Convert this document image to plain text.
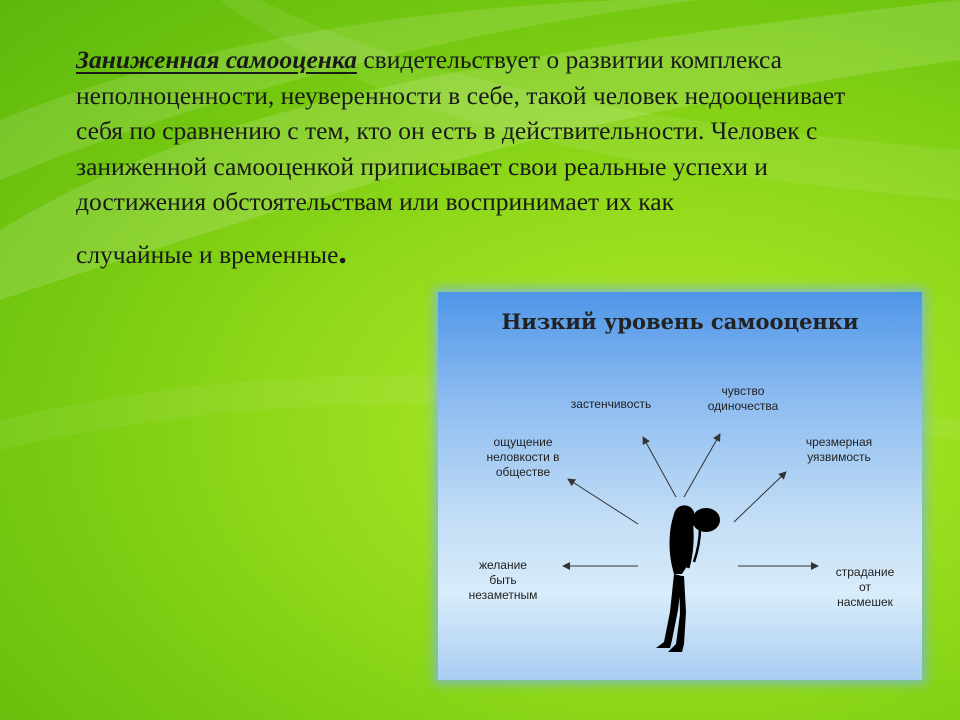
Заниженная самооценка свидетельствует о развитии комплекса неполноценности, неуверенности в себе, такой человек недооценивает себя по сравнению с тем, кто он есть в действительности. Человек с заниженной самооценкой приписывает свои реальные успехи и достижения обстоятельствам или воспринимает их как
случайные и временные.
Низкий уровень самооценки
застенчивость
чувство
одиночества
ощущение
неловкости в
обществе
чрезмерная
уязвимость
желание
быть
незаметным
страдание
от
насмешек
